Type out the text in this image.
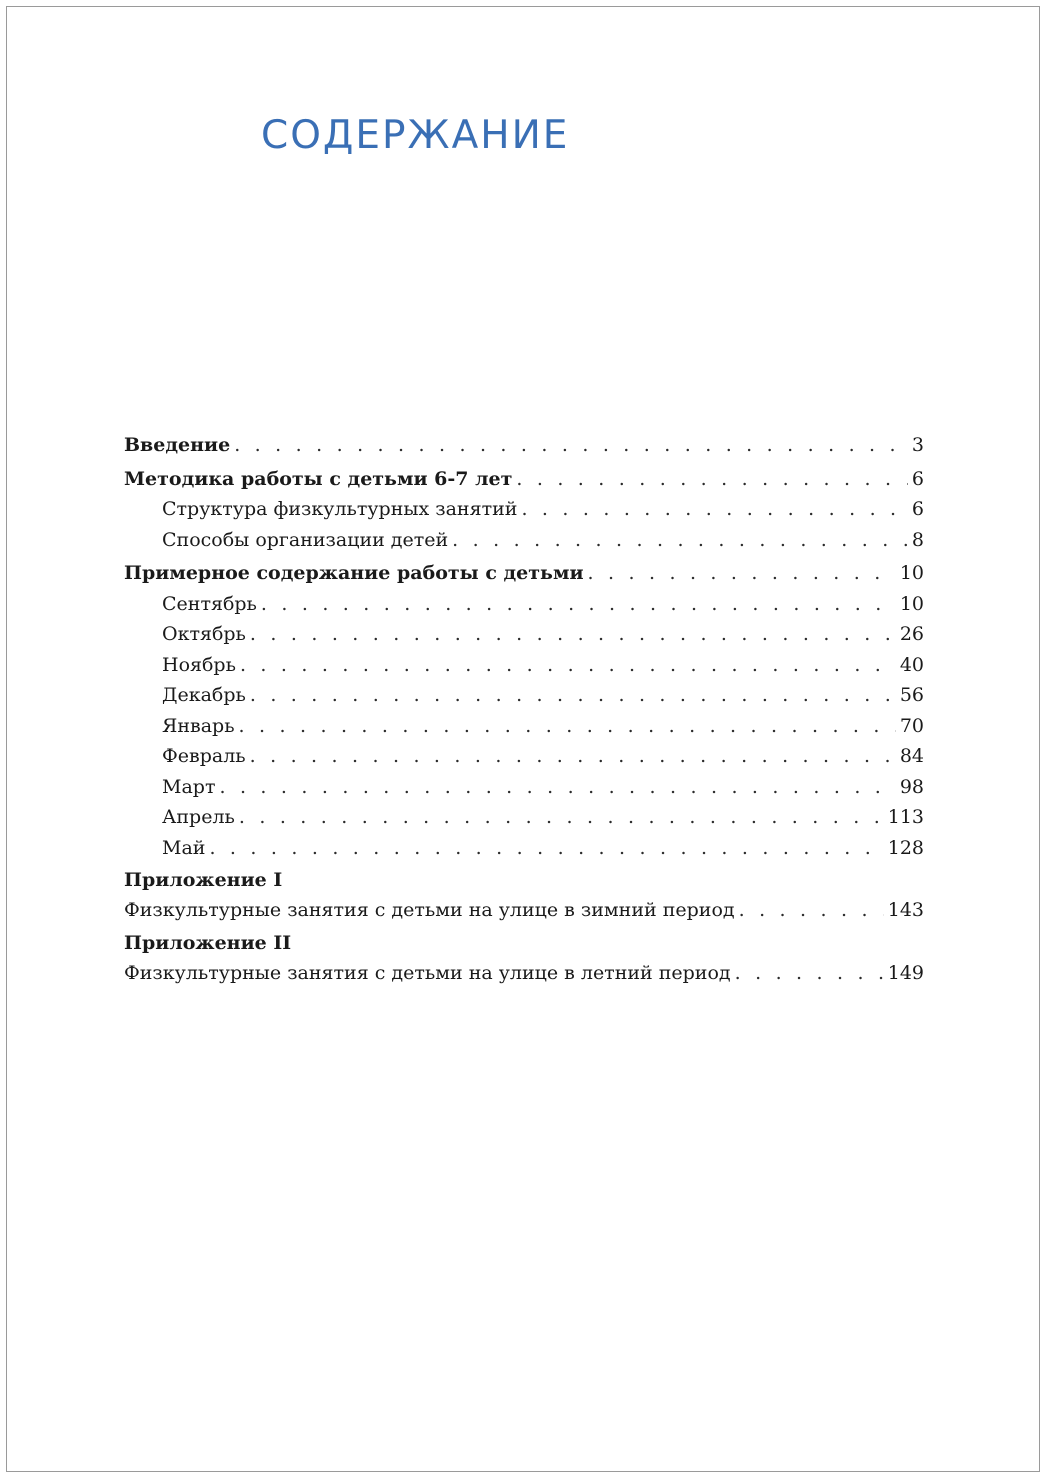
СОДЕРЖАНИЕ
Введение . . .	3
Методика работы с детьми 6-7 лет . . .	6
Структура физкультурных занятий . . .	6
Способы организации детей . . .	8
Примерное содержание работы с детьми . . .	10
Сентябрь . . .	10
Октябрь . . .	26
Ноябрь . . .	40
Декабрь . . .	56
Январь . . .	70
Февраль . . .	84
Март . . .	98
Апрель . . .	113
Май . . .	128
Приложение I
Физкультурные занятия с детьми на улице в зимний период . . .	143
Приложение II
Физкультурные занятия с детьми на улице в летний период . . .	149
